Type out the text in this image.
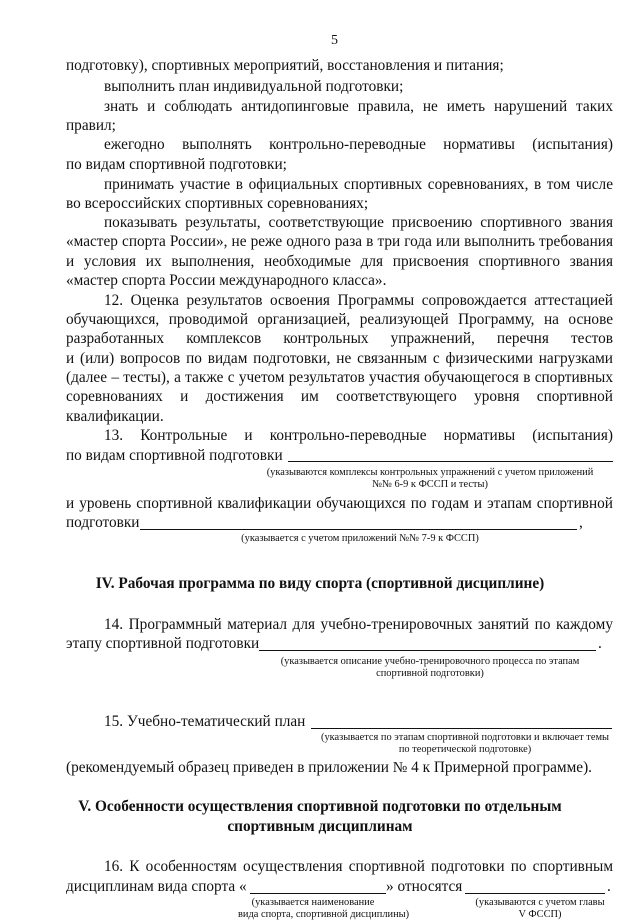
5
подготовку), спортивных мероприятий, восстановления и питания;
выполнить план индивидуальной подготовки;
знать и соблюдать антидопинговые правила, не иметь нарушений таких
правил;
ежегодно выполнять контрольно-переводные нормативы (испытания)
по видам спортивной подготовки;
принимать участие в официальных спортивных соревнованиях, в том числе
во всероссийских спортивных соревнованиях;
показывать результаты, соответствующие присвоению спортивного звания
«мастер спорта России», не реже одного раза в три года или выполнить требования
и условия их выполнения, необходимые для присвоения спортивного звания
«мастер спорта России международного класса».
12. Оценка результатов освоения Программы сопровождается аттестацией
обучающихся, проводимой организацией, реализующей Программу, на основе
разработанных комплексов контрольных упражнений, перечня тестов
и (или) вопросов по видам подготовки, не связанным с физическими нагрузками
(далее – тесты), а также с учетом результатов участия обучающегося в спортивных
соревнованиях и достижения им соответствующего уровня спортивной
квалификации.
13. Контрольные и контрольно-переводные нормативы (испытания)
по видам спортивной подготовки
(указываются комплексы контрольных упражнений с учетом приложений
№№ 6-9 к ФССП и тесты)
и уровень спортивной квалификации обучающихся по годам и этапам спортивной
подготовки	,
(указывается с учетом приложений №№ 7-9 к ФССП)
IV. Рабочая программа по виду спорта (спортивной дисциплине)
14. Программный материал для учебно-тренировочных занятий по каждому
этапу спортивной подготовки	.
(указывается описание учебно-тренировочного процесса по этапам
спортивной подготовки)
15. Учебно-тематический план
(указывается по этапам спортивной подготовки и включает темы
по теоретической подготовке)
(рекомендуемый образец приведен в приложении № 4 к Примерной программе).
V. Особенности осуществления спортивной подготовки по отдельным
спортивным дисциплинам
16. К особенностям осуществления спортивной подготовки по спортивным
дисциплинам вида спорта «	» относятся	.
(указывается наименование
вида спорта, спортивной дисциплины)
(указываются с учетом главы
V ФССП)
